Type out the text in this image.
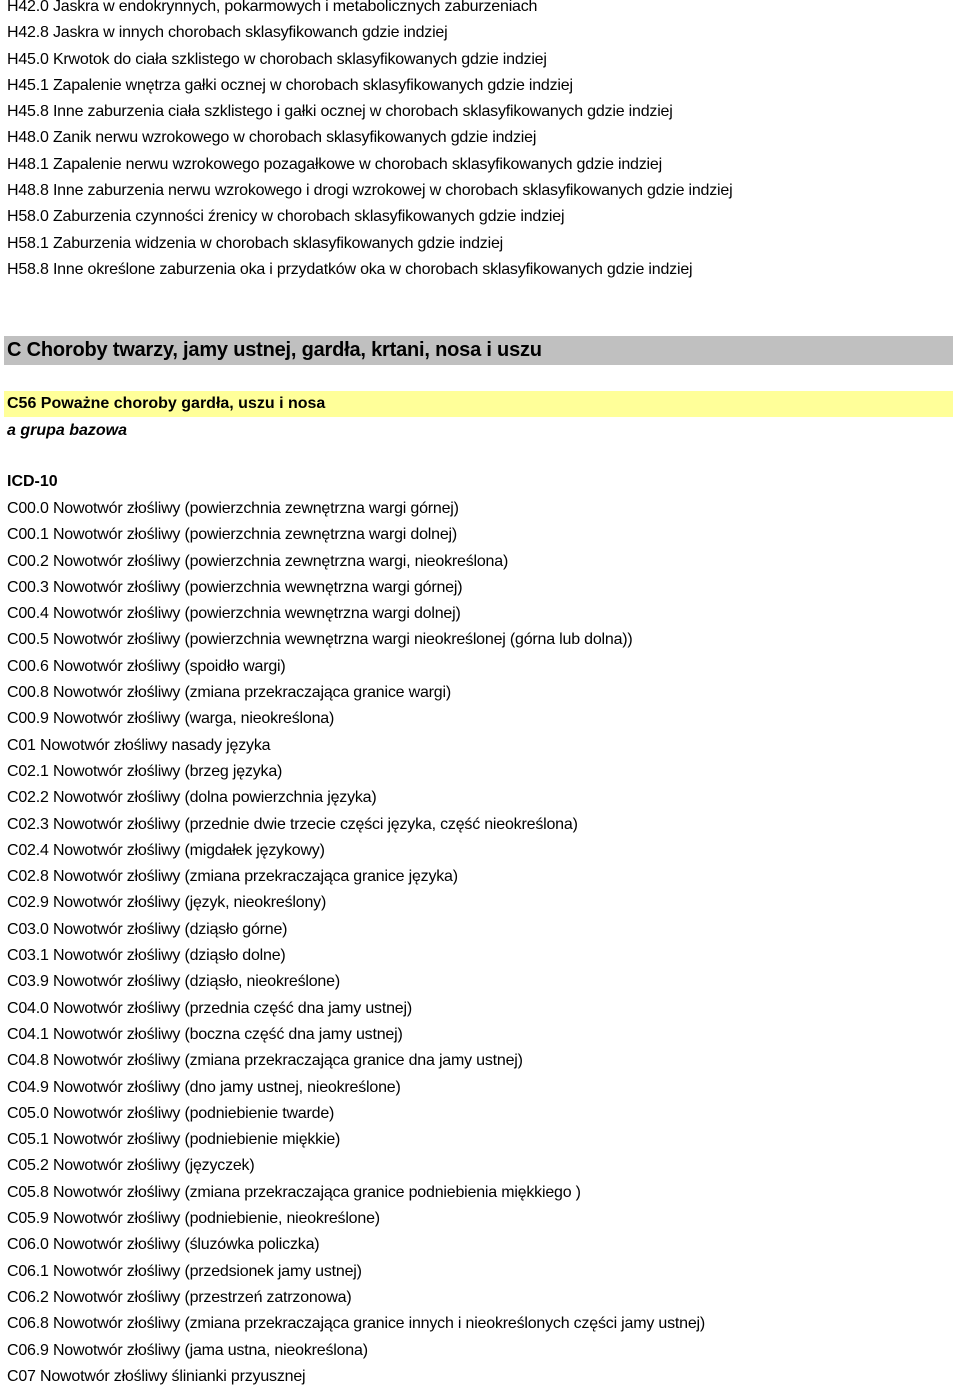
H42.0 Jaskra w endokrynnych, pokarmowych i metabolicznych zaburzeniach
H42.8 Jaskra w innych chorobach sklasyfikowanch gdzie indziej
H45.0 Krwotok do ciała szklistego w chorobach sklasyfikowanych gdzie indziej
H45.1 Zapalenie wnętrza gałki ocznej w chorobach sklasyfikowanych gdzie indziej
H45.8 Inne zaburzenia ciała szklistego i gałki ocznej w chorobach sklasyfikowanych gdzie indziej
H48.0 Zanik nerwu wzrokowego w chorobach sklasyfikowanych gdzie indziej
H48.1 Zapalenie nerwu wzrokowego pozagałkowe w chorobach sklasyfikowanych gdzie indziej
H48.8 Inne zaburzenia nerwu wzrokowego i drogi wzrokowej w chorobach sklasyfikowanych gdzie indziej
H58.0 Zaburzenia czynności źrenicy w chorobach sklasyfikowanych gdzie indziej
H58.1 Zaburzenia widzenia w chorobach sklasyfikowanych gdzie indziej
H58.8 Inne określone zaburzenia oka i przydatków oka w chorobach sklasyfikowanych gdzie indziej
C Choroby twarzy, jamy ustnej, gardła, krtani, nosa i uszu
C56 Poważne choroby gardła, uszu i nosa
a grupa bazowa
ICD-10
C00.0 Nowotwór złośliwy (powierzchnia zewnętrzna wargi górnej)
C00.1 Nowotwór złośliwy (powierzchnia zewnętrzna wargi dolnej)
C00.2 Nowotwór złośliwy (powierzchnia zewnętrzna wargi, nieokreślona)
C00.3 Nowotwór złośliwy (powierzchnia wewnętrzna wargi górnej)
C00.4 Nowotwór złośliwy (powierzchnia wewnętrzna wargi dolnej)
C00.5 Nowotwór złośliwy (powierzchnia wewnętrzna wargi nieokreślonej (górna lub dolna))
C00.6 Nowotwór złośliwy (spoidło wargi)
C00.8 Nowotwór złośliwy (zmiana przekraczająca granice wargi)
C00.9 Nowotwór złośliwy (warga, nieokreślona)
C01 Nowotwór złośliwy nasady języka
C02.1 Nowotwór złośliwy (brzeg języka)
C02.2 Nowotwór złośliwy (dolna powierzchnia języka)
C02.3 Nowotwór złośliwy (przednie dwie trzecie części języka, część nieokreślona)
C02.4 Nowotwór złośliwy (migdałek językowy)
C02.8 Nowotwór złośliwy (zmiana przekraczająca granice języka)
C02.9 Nowotwór złośliwy (język, nieokreślony)
C03.0 Nowotwór złośliwy (dziąsło górne)
C03.1 Nowotwór złośliwy (dziąsło dolne)
C03.9 Nowotwór złośliwy (dziąsło, nieokreślone)
C04.0 Nowotwór złośliwy (przednia część dna jamy ustnej)
C04.1 Nowotwór złośliwy (boczna część dna jamy ustnej)
C04.8 Nowotwór złośliwy (zmiana przekraczająca granice dna jamy ustnej)
C04.9 Nowotwór złośliwy (dno jamy ustnej, nieokreślone)
C05.0 Nowotwór złośliwy (podniebienie twarde)
C05.1 Nowotwór złośliwy (podniebienie miękkie)
C05.2 Nowotwór złośliwy (języczek)
C05.8 Nowotwór złośliwy (zmiana przekraczająca granice podniebienia miękkiego )
C05.9 Nowotwór złośliwy (podniebienie, nieokreślone)
C06.0 Nowotwór złośliwy (śluzówka policzka)
C06.1 Nowotwór złośliwy (przedsionek jamy ustnej)
C06.2 Nowotwór złośliwy (przestrzeń zatrzonowa)
C06.8 Nowotwór złośliwy (zmiana przekraczająca granice innych i nieokreślonych części jamy ustnej)
C06.9 Nowotwór złośliwy (jama ustna, nieokreślona)
C07 Nowotwór złośliwy ślinianki przyusznej
